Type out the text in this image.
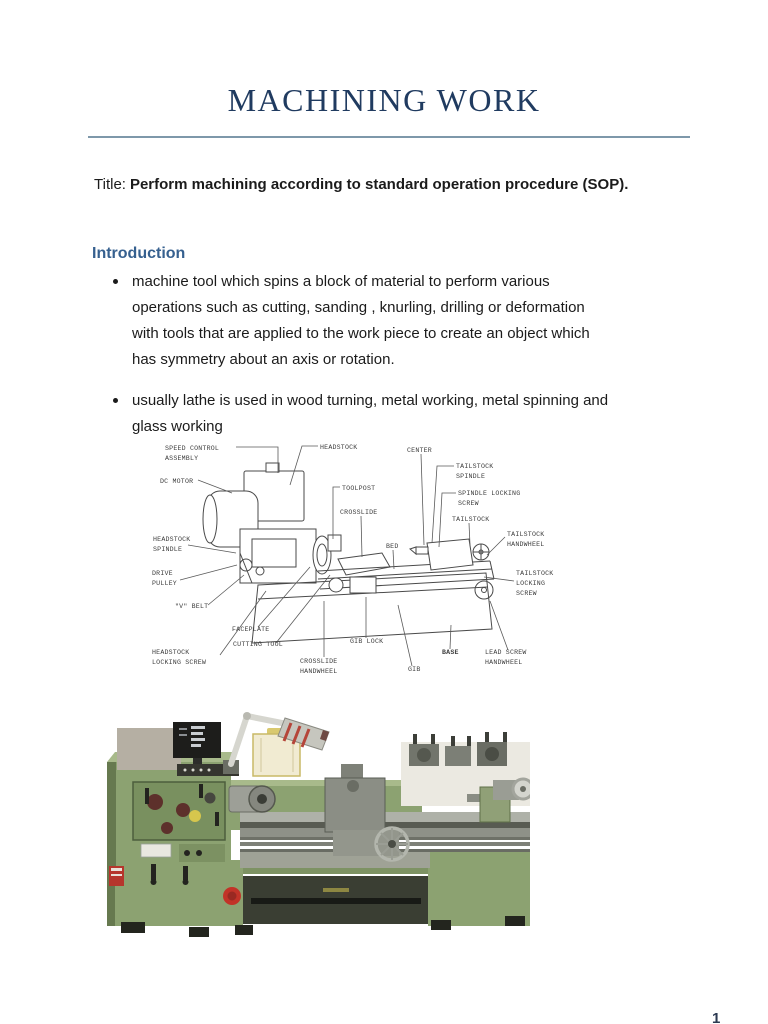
MACHINING WORK

Title: Perform machining according to standard operation procedure (SOP).

Introduction
machine tool which spins a block of material to perform various
operations such as cutting, sanding , knurling, drilling or deformation
with tools that are applied to the work piece to create an object which
has symmetry about an axis or rotation.
usually lathe is used in wood turning, metal working, metal spinning and
glass working
SPEED CONTROL
ASSEMBLY
HEADSTOCK	CENTER
DC MOTOR
TOOLPOST
TAILSTOCK
SPINDLE
SPINDLE LOCKING
SCREW
CROSSLIDE
TAILSTOCK
HEADSTOCK
SPINDLE	BED
TAILSTOCK
HANDWHEEL
DRIVE
PULLEY
TAILSTOCK
LOCKING
SCREW
"V" BELT
FACEPLATE
CUTTING TOOL	GIB LOCK
HEADSTOCK
LOCKING SCREW	CROSSLIDE
HANDWHEEL	GIB
BASE	LEAD SCREW
HANDWHEEL
1
